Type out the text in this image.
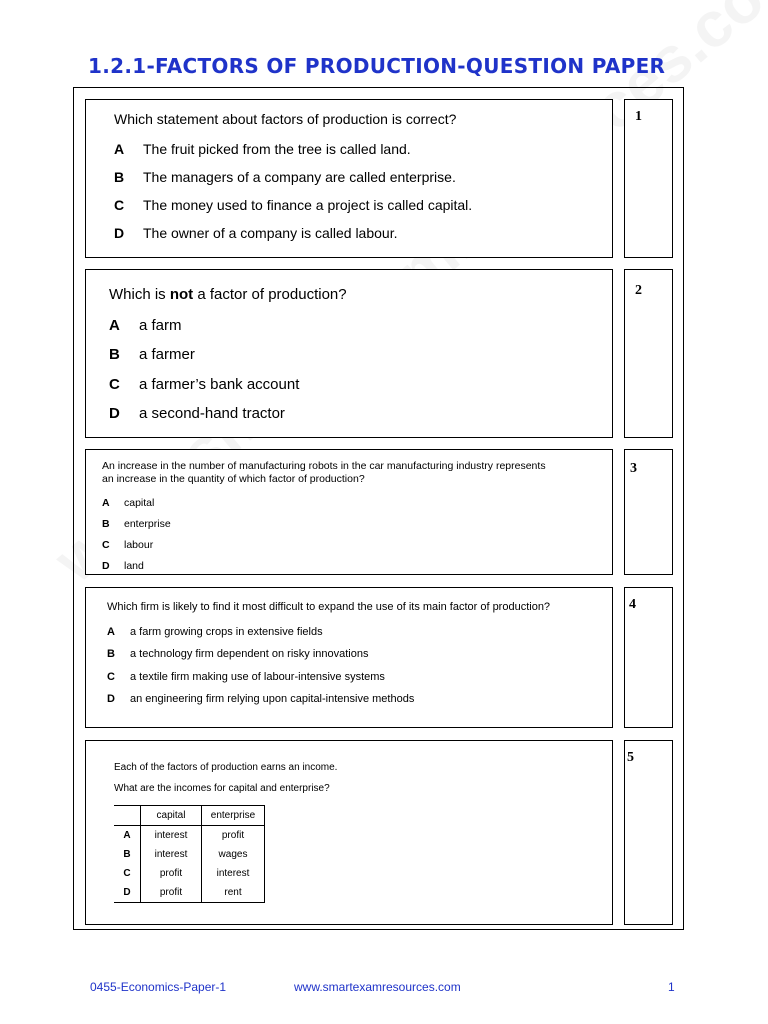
1.2.1-FACTORS OF PRODUCTION-QUESTION PAPER
Which statement about factors of production is correct?
A The fruit picked from the tree is called land.
B The managers of a company are called enterprise.
C The money used to finance a project is called capital.
D The owner of a company is called labour.
1
Which is not a factor of production?
A a farm
B a farmer
C a farmer’s bank account
D a second-hand tractor
2
An increase in the number of manufacturing robots in the car manufacturing industry represents
an increase in the quantity of which factor of production?
A capital
B enterprise
C labour
D land
3
Which firm is likely to find it most difficult to expand the use of its main factor of production?
A a farm growing crops in extensive fields
B a technology firm dependent on risky innovations
C a textile firm making use of labour-intensive systems
D an engineering firm relying upon capital-intensive methods
4
Each of the factors of production earns an income.
What are the incomes for capital and enterprise?
	capital	enterprise
A	interest	profit
B	interest	wages
C	profit	interest
D	profit	rent
5
0455-Economics-Paper-1	www.smartexamresources.com	1
